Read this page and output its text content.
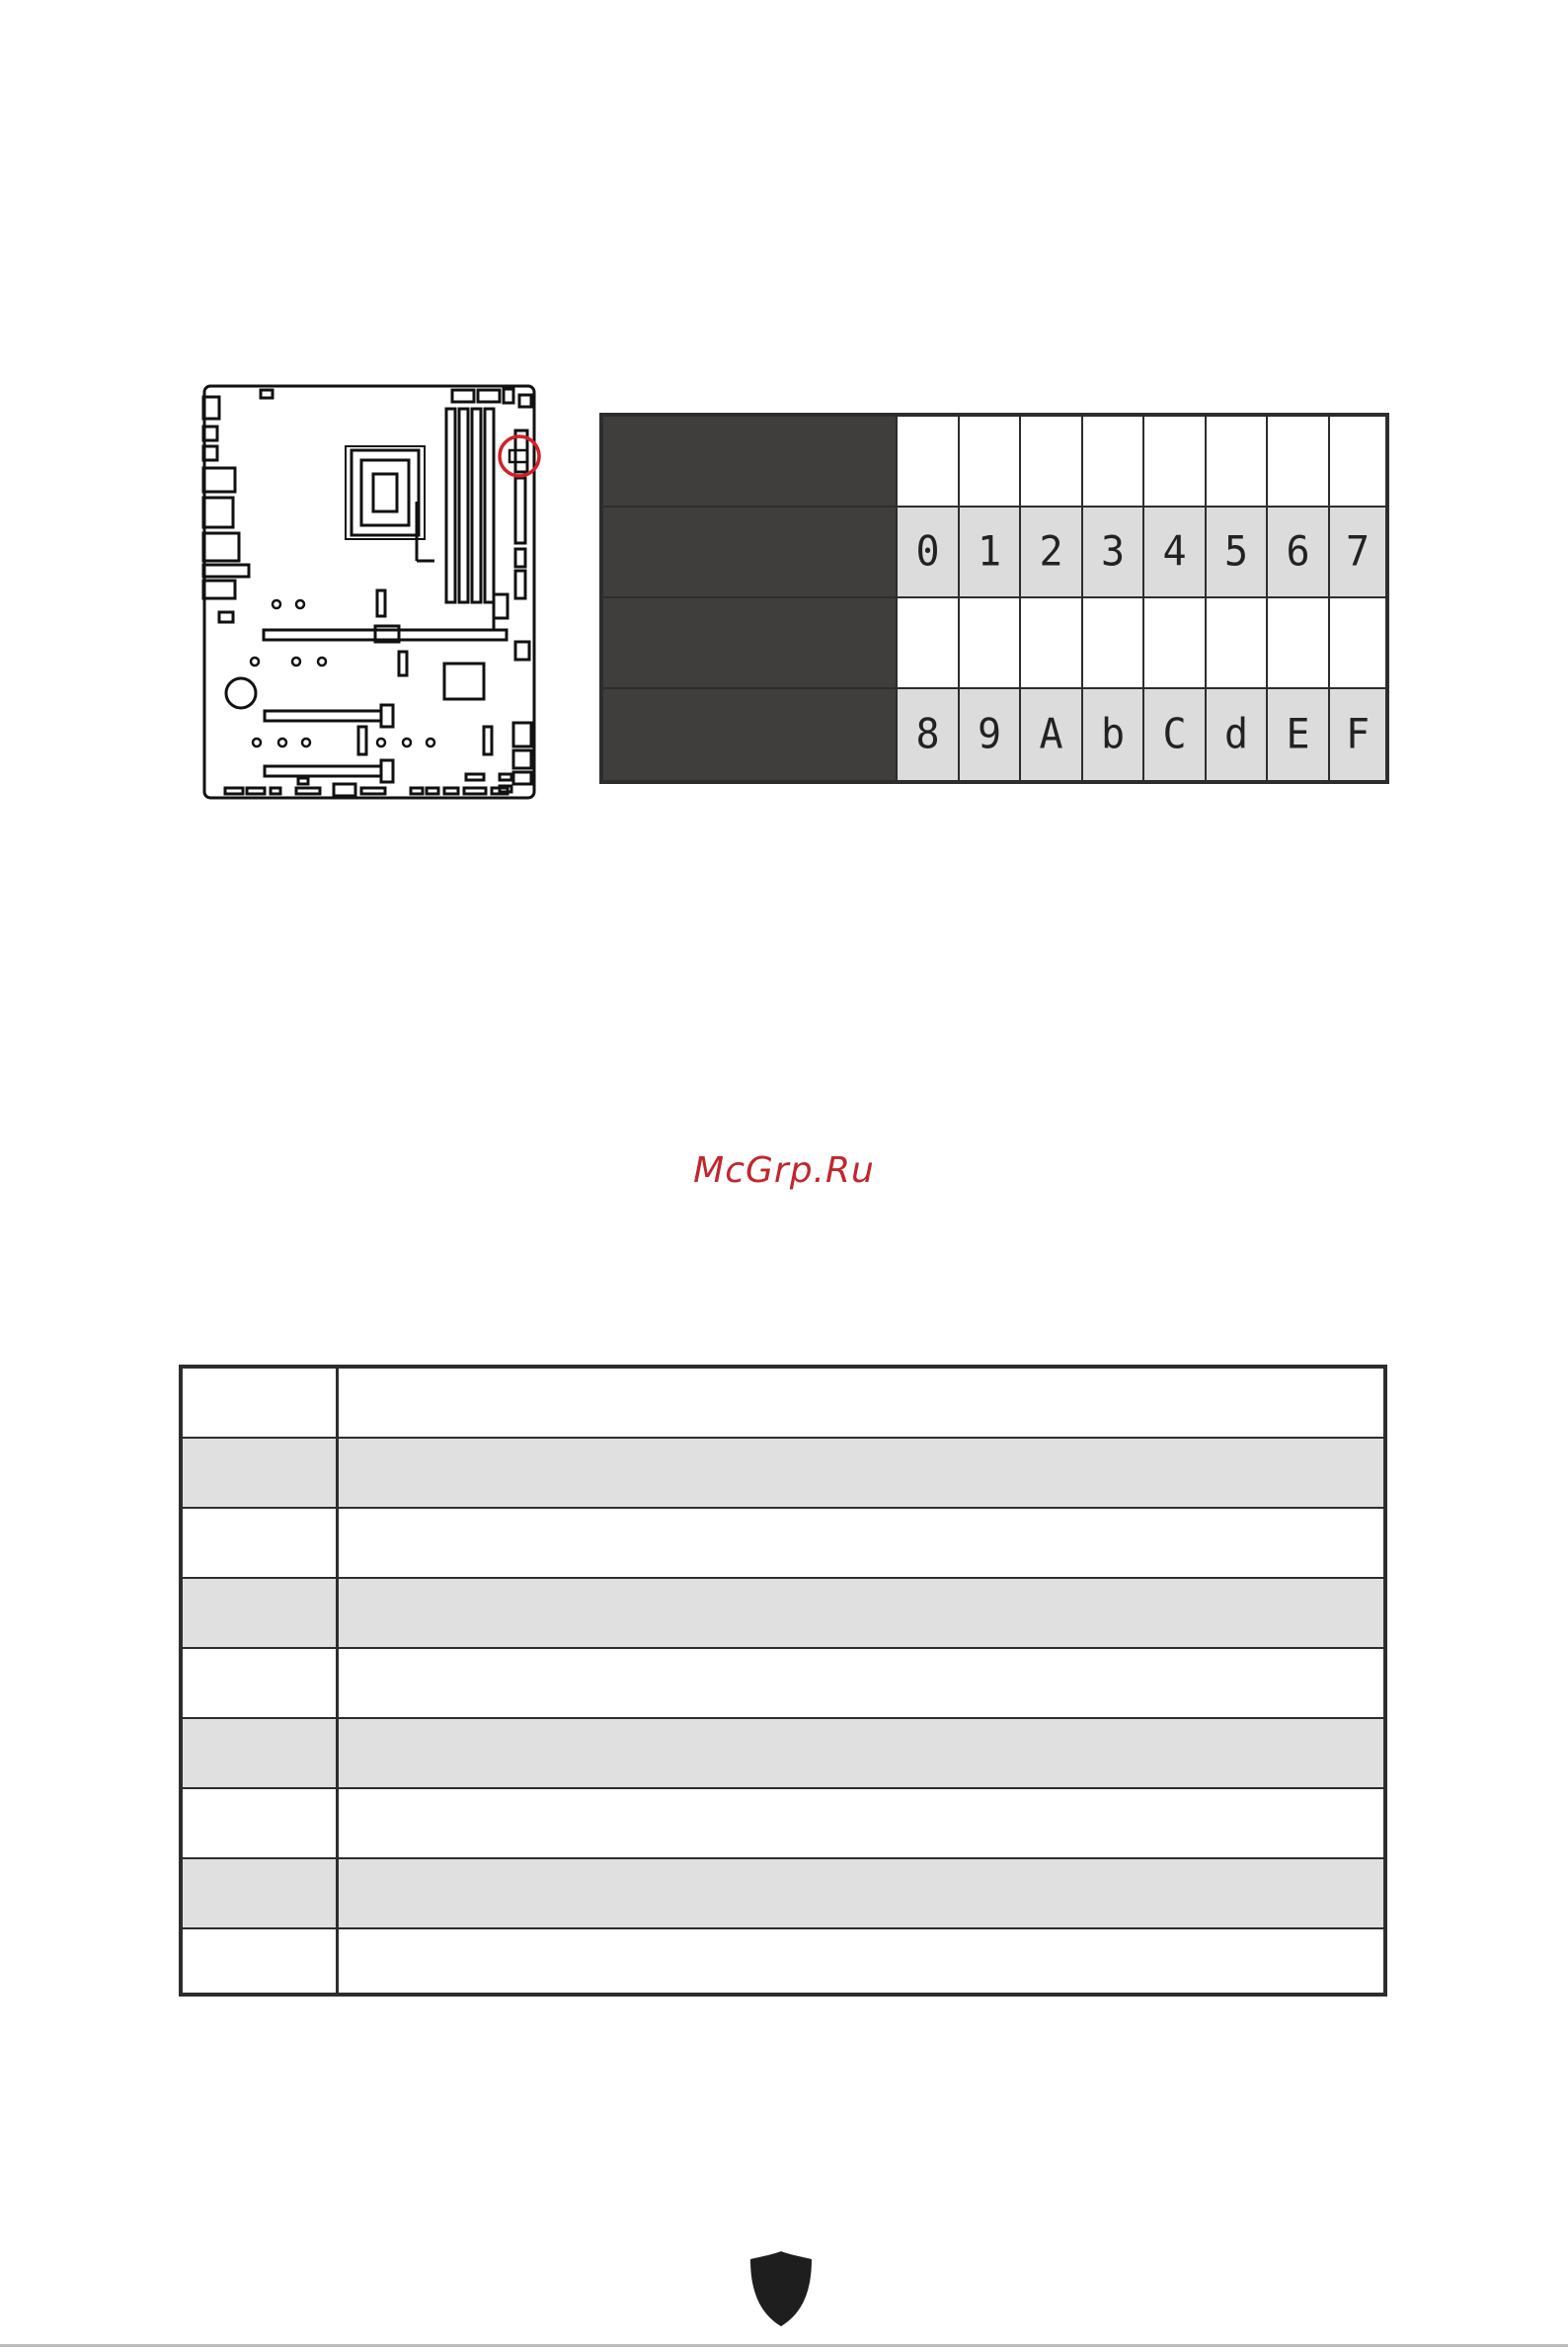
0 1 2 3 4 5 6 7
8 9 A b C d E F
McGrp.Ru
